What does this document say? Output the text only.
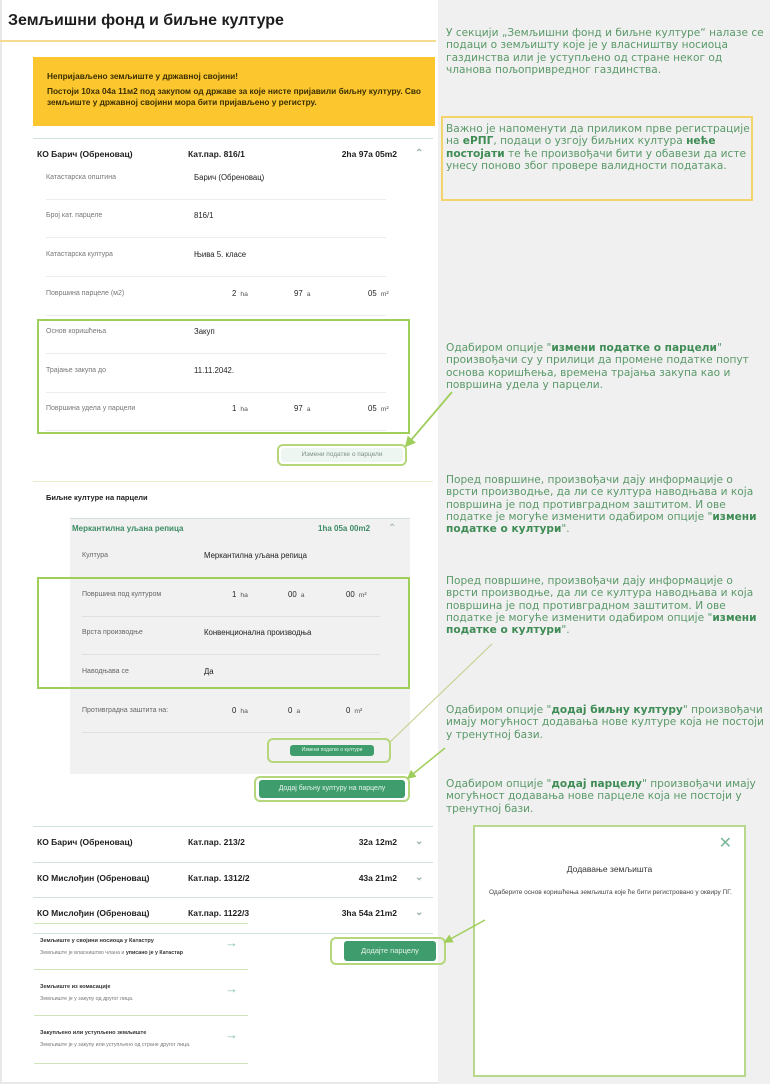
Земљишни фонд и биљне културе
Непријављено земљиште у државној својини!
Постоји 10ха 04а 11м2 под закупом од државе за које нисте пријавили биљну културу. Сво земљиште у државној својини мора бити пријављено у регистру.
КО Барич (Обреновац)	Кат.пар. 816/1	2ha 97a 05m2 ⌃
Катастарска општина	Барич (Обреновац)
Број кат. парцеле	816/1
Катастарска култура	Њива 5. класе
Површина парцеле (м2)	2 ha	97 a	05 m²
Основ коришћења	Закуп
Трајање закупа до	11.11.2042.
Површина удела у парцели	1 ha	97 a	05 m²
Измени податке о парцели
Биљне културе на парцели
Меркантилна уљана репица	1ha 05a 00m2 ⌃
Култура	Меркантилна уљана репица
Површина под културом	1 ha	00 a	00 m²
Врста производње	Конвенционална производња
Наводњава се	Да
Противградна заштита на:	0 ha	0 a	0 m²
Измени податке о култури
Додај биљну културу на парцелу
КО Барич (Обреновац)	Кат.пар. 213/2	32a 12m2 ⌄
КО Мислођин (Обреновац)	Кат.пар. 1312/2	43a 21m2 ⌄
КО Мислођин (Обреновац)	Кат.пар. 1122/3	3ha 54a 21m2 ⌄
Додајте парцелу
У секцији „Земљишни фонд и биљне културе“ налазе се подаци о земљишту које је у власништву носиоца газдинства или је уступљено од стране неког од чланова пољопривредног газдинства.
Важно је напоменути да приликом прве регистрације на еРПГ, подаци о узгоју биљних култура неће постојати те ће произвођачи бити у обавези да исте унесу поново због провере валидности података.
Одабиром опције "измени податке о парцели" произвођачи су у прилици да промене податке попут основа коришћења, времена трајања закупа као и површина удела у парцели.
Поред површине, произвођачи дају информације о врсти производње, да ли се култура наводњава и која површина је под противградном заштитом. И ове податке је могуће изменити одабиром опције "измени податке о култури".
Поред површине, произвођачи дају информације о врсти производње, да ли се култура наводњава и која површина је под противградном заштитом. И ове податке је могуће изменити одабиром опције "измени податке о култури".
Одабиром опције "додај биљну културу" произвођачи имају могућност додавања нове културе која не постоји у тренутној бази.
Одабиром опције "додај парцелу" произвођачи имају могућност додавања нове парцеле која не постоји у тренутној бази.
✕
Додавање земљишта
Одаберите основ коришћења земљишта које ће бити регистровано у оквиру ПГ.
Земљиште у својини носиоца у Катастру
Земљиште је власништво члана и уписано је у Катастар
→
Земљиште из комасације
Земљиште је у закупу од другог лица.
→
Закупљено или уступљено земљиште
Земљиште је у закупу или уступљено од стране другог лица.
→
